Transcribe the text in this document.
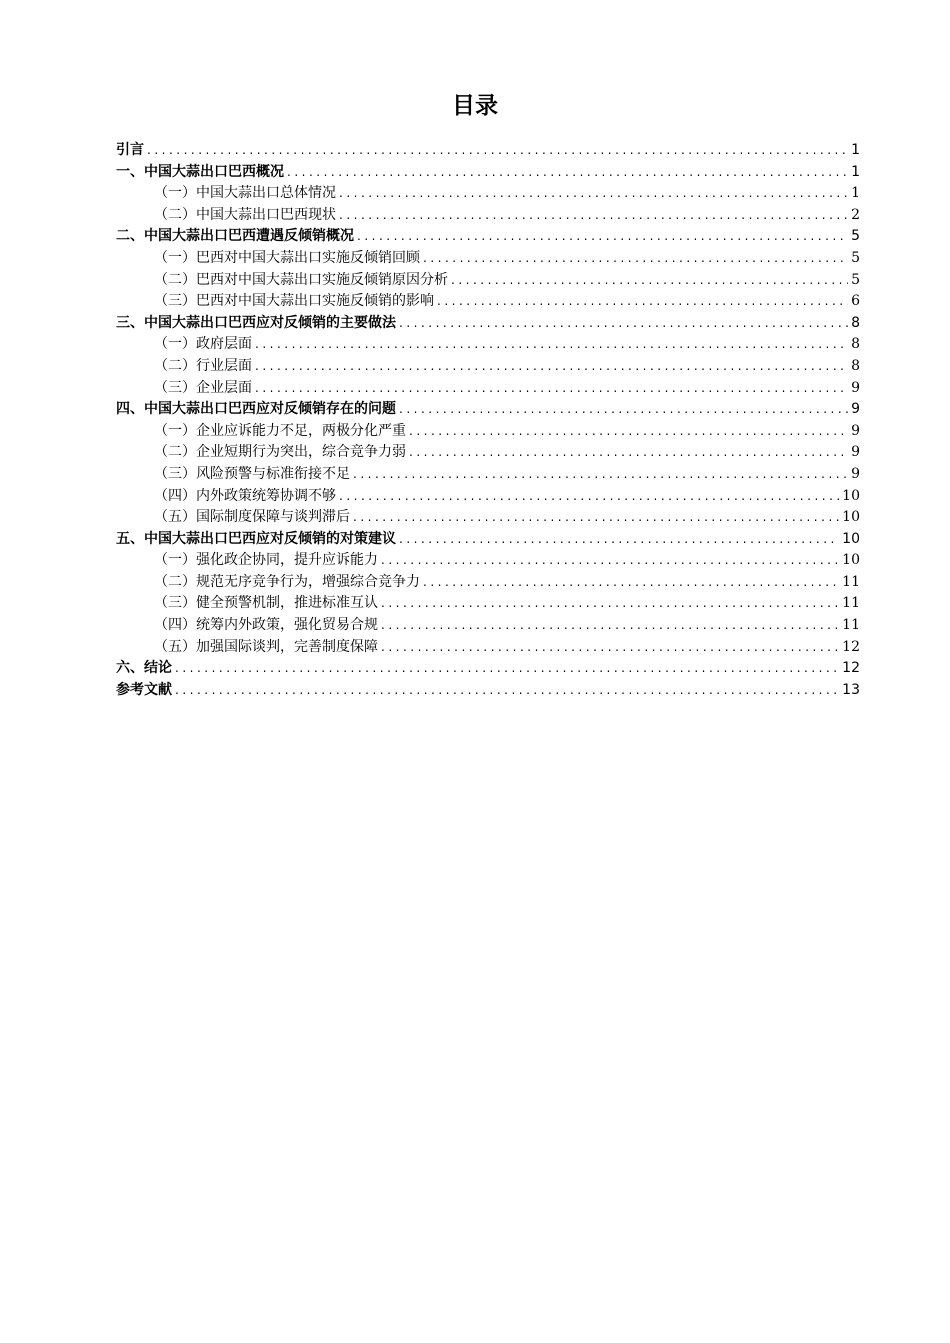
目录
引言 .....	1
一、中国大蒜出口巴西概况 .....	1
（一）中国大蒜出口总体情况 .....	1
（二）中国大蒜出口巴西现状 .....	2
二、中国大蒜出口巴西遭遇反倾销概况 .....	5
（一）巴西对中国大蒜出口实施反倾销回顾 .....	5
（二）巴西对中国大蒜出口实施反倾销原因分析 .....	5
（三）巴西对中国大蒜出口实施反倾销的影响 .....	6
三、中国大蒜出口巴西应对反倾销的主要做法 .....	8
（一）政府层面 .....	8
（二）行业层面 .....	8
（三）企业层面 .....	9
四、中国大蒜出口巴西应对反倾销存在的问题 .....	9
（一）企业应诉能力不足，两极分化严重 .....	9
（二）企业短期行为突出，综合竞争力弱 .....	9
（三）风险预警与标准衔接不足 .....	9
（四）内外政策统筹协调不够 .....	10
（五）国际制度保障与谈判滞后 .....	10
五、中国大蒜出口巴西应对反倾销的对策建议 .....	10
（一）强化政企协同，提升应诉能力 .....	10
（二）规范无序竞争行为，增强综合竞争力 .....	11
（三）健全预警机制，推进标准互认 .....	11
（四）统筹内外政策，强化贸易合规 .....	11
（五）加强国际谈判，完善制度保障 .....	12
六、结论 .....	12
参考文献 .....	13
